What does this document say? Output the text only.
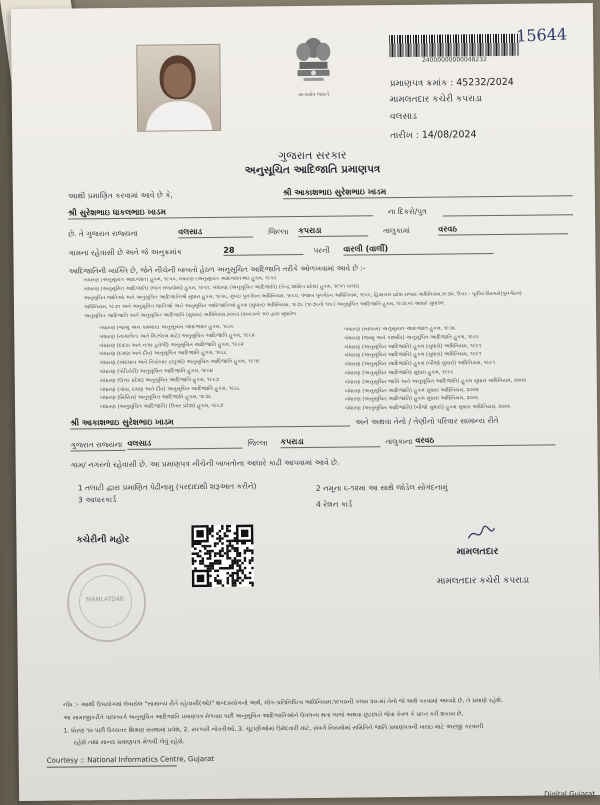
સત્યમેવ જયતે
24000000000048232
15644
પ્રમાણપત્ર ક્રમાંક : 45232/2024
મામલતદાર કચેરી કપરાડા
વલસાડ
તારીખ : 14/08/2024
ગુજરાત સરકાર
અનુસૂચિત આદિજાતિ પ્રમાણપત્ર
આથી પ્રમાણિત કરવામાં આવે છે કે,	શ્રી આકાશભાઇ સુરેશભાઇ ખાડમ
શ્રી સુરેશભાઇ ધાકલભાઇ ખાડમ	ના દિકરો/પુત્ર
છે. તે ગુજરાત રાજ્યના	વલસાડ	જિલ્લા કપરાડા	તાલુકામાં	વરવઠ
ગામના રહેવાસી છે અને જે અનુક્રમાંક	28	પરની વારલી (વાર્લી)
આદિજાતિની વ્યક્તિ છે, જેને નીચેની બાબતો હેઠળ અનુસૂચિત આદિજાતિ તરીકે ઓળખવામાં આવે છે :-
બંધારણ (અનુસૂચિત આદિજાતિ) હુકમ, ૧૯૫૦, બંધારણ (અનુસૂચિત આદિજાતિઓ) હુકમ, ૧૯૫૧
બંધારણ (અનુસૂચિત આદિજાતિ) (ભાગ રાજ્યોમાં) હુકમ, ૧૯૫૧, બંધારણ (અનુસૂચિત આદિજાતિ) (કેન્દ્ર શાસિત પ્રદેશ) હુકમ, ૧૯૫૧ કાયદા
અનુસૂચિત જાતિઓ અને અનુસૂચિત આદિજાતિઓ સુધારા હુકમ, ૧૯૫૬, મુંબઇ પુનર્ગઠન અધિનિયમ, ૧૯૬૦, પંજાબ પુનર્ગઠન અધિનિયમ, ૧૯૬૬, હિમાચલ પ્રદેશ રાજ્ય અધિનિયમ,૧૯૭૦, ઉત્તર - પૂર્વીય વિસ્તારો(પુનર્ગઠન)
અધિનિયમ, ૧૯૭૧ અને અનુસૂચિત જાતિઓ અને અનુસૂચિત આદિજાતિઓ હુકમ (સુધારા) અધિનિયમ, ૧૯૭૬ (૧૯૭૬નો ૧૦૮) અનુસૂચિત આદિજાતિ હુકમ, ૧૯૭૬ના આધારે સુધારેલ
અનુસૂચિત આદિજાતિ અને અનુસૂચિત આદિજાતિ (સુધારા) અધિનિયમ,૨૦૦૩ (૨૦૦૩નો ૧૦) દ્વારા સુધારેલ
બંધારણ (જમ્મુ અને કાશ્મીર) અનુસૂચિત આદિજાતિ હુકમ, ૧૯૮૯
બંધારણ (નાગાલેન્ડ અને મિઝોરમ માટે) અનુસૂચિત આદિજાતિ હુકમ, ૧૯૬૨
બંધારણ (દાદરા અને નગર હવેલી) અનુસૂચિત આદિજાતિ હુકમ, ૧૯૬૨
બંધારણ (દમણ અને દીવ) અનુસૂચિત આદિજાતિ હુકમ, ૧૯૬૮
બંધારણ (અંદમાન અને નિકોબાર ટાપુઓ) અનુસૂચિત આદિજાતિ હુકમ, ૧૯૫૯
બંધારણ (પોંડિચેરી) અનુસૂચિત આદિજાતિ હુકમ, ૧૯૬૪
બંધારણ (ઉત્તર પ્રદેશ) અનુસૂચિત આદિજાતિ હુકમ, ૧૯૬૭
બંધારણ (ગોવા, દમણ અને દીવ) અનુસૂચિત આદિજાતિ હુકમ, ૧૯૬૮
બંધારણ (સિક્કિમ) અનુસૂચિત આદિજાતિ હુકમ, ૧૯૭૮
બંધારણ (અનુસૂચિત આદિજાતિ) (ઉત્તર પ્રદેશ) હુકમ, ૧૯૬૭
બંધારણ (સિક્કિમ) અનુસૂચિત આદિજાતિ હુકમ, ૧૯૭૮
બંધારણ (જમ્મુ અને કાશ્મીર) અનુસૂચિત આદિજાતિ હુકમ, ૧૯૮૯
બંધારણ (અનુસૂચિત આદિજાતિ) હુકમ (સુધારો) અધિનિયમ, ૧૯૯૧
બંધારણ (અનુસૂચિત આદિજાતિ) હુકમ (સુધારા) અધિનિયમ, ૧૯૯૧
બંધારણ (અનુસૂચિત આદિજાતિ) હુકમ (બીજો સુધારો) અધિનિયમ, ૧૯૯૧
બંધારણ (અનુસૂચિત આદિજાતિ) સુધારા હુકમ, ૧૯૯૬
બંધારણ (અનુસૂચિત જાતિ અને અનુસૂચિત આદિજાતિ) હુકમ સુધારા અધિનિયમ, ૨૦૦૨
બંધારણ (અનુસૂચિત આદિજાતિ) હુકમ સુધારા અધિનિયમ, ૨૦૦૨
બંધારણ (અનુસૂચિત આદિજાતિ) હુકમ સુધારા અધિનિયમ, ૨૦૦૬
બંધારણ (અનુસૂચિત આદિજાતિ) (બીજો સુધારો) હુકમ સુધારા અધિનિયમ, ૨૦૦૬
શ્રી આકાશભાઇ સુરેશભાઇ ખાડમ	અને અથવા તેનો / તેણીનો પરિવાર સામાન્ય રીતે
ગુજરાત રાજ્યના વલસાડ	જિલ્લા કપરાડા	તાલુકાના વરવઠ
ગામ/ નગરનો રહેવાસી છે. આ પ્રમાણપત્ર નીચેની બાબતોના આધારે કાઢી આપવામાં આવે છે.
1 તલાટી દ્વારા પ્રમાણિત પેઢીનામુ (પરદાદાથી શરૂઆત કરીને)	2 નમૂના ૬-૧૨મા આ સાથે જોડેલ સોગંદનામું
3 આધારકાર્ડ	4 રેશન કાર્ડ
કચેરીની મહોર
MAMLATDAR
મામલતદાર
મામલતદાર કચેરી કપરાડા
નોંધ :- આથી ઉપયોગમાં લેવાયેલ "સામાન્ય રીતે રહેવાસી(ઓ)" શબ્દપ્રયોગનો અર્થ, લોક-પ્રતિનિધિત્વ અધિનિયમ,૧૯૫૦ની કલમ ૨૦-માં તેનો જે અર્થ કરવામાં આવ્યો છે, તે પ્રમાણે રહેશે.
આ સામાજીકરીતે પછાતવર્ગ અનુસૂચિત આદિજાતિ પ્રમાણપત્ર મેળવ્યા પછી અનુસૂચિત આદિજાતિઓને ઉપલબ્ધ થતા લાભો અથવા છુટછાટો જેવા કેવળ કે પ્રાપ્ત કરી શકાય છે,
1. ધોરણ ૧૦ પછી ઉચ્ચતર શિક્ષણ સંસ્થામાં પ્રવેશ, 2. સરકારી નોકરીઓ, 3. ચૂંટણીઓમાં ઉમેદવારી માટે, સંવર્ગ નિયમોમાં સમિતિને જાતિ પ્રમાણપત્રની ખરાઇ માટે અરજી કરવાની
રહેશે તથા માન્ય પ્રમાણપત્ર મેળવી લેવું રહેશે.
Courtesy :: National Informatics Centre, Gujarat
Digital Gujarat
